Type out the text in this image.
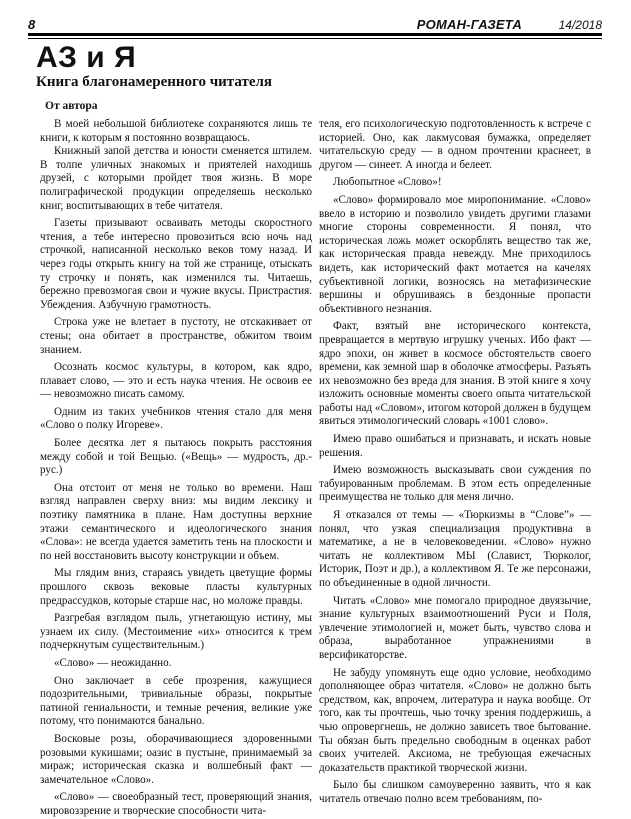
8	РОМАН-ГАЗЕТА	14/2018
АЗ и Я
Книга благонамеренного читателя
От автора

В моей небольшой библиотеке сохраняются лишь те книги, к которым я постоянно возвращаюсь.

Книжный запой детства и юности сменяется штилем. В толпе уличных знакомых и приятелей находишь друзей, с которыми пройдет твоя жизнь. В море полиграфической продукции определяешь несколько книг, воспитывающих в тебе читателя.

Газеты призывают осваивать методы скоростного чтения, а тебе интересно провозиться всю ночь над строчкой, написанной несколько веков тому назад. И через годы открыть книгу на той же странице, отыскать ту строчку и понять, как изменился ты. Читаешь, бережно превозмогая свои и чужие вкусы. Пристрастия. Убеждения. Азбучную грамотность.

Строка уже не влетает в пустоту, не отскакивает от стены; она обитает в пространстве, обжитом твоим знанием.

Осознать космос культуры, в котором, как ядро, плавает слово, — это и есть наука чтения. Не освоив ее — невозможно писать самому.

Одним из таких учебников чтения стало для меня «Слово о полку Игореве».

Более десятка лет я пытаюсь покрыть расстояния между собой и той Вещью. («Вещь» — мудрость, др.-рус.)

Она отстоит от меня не только во времени. Наш взгляд направлен сверху вниз: мы видим лексику и поэтику памятника в плане. Нам доступны верхние этажи семантического и идеологического знания «Слова»: не всегда удается заметить тень на плоскости и по ней восстановить высоту конструкции и объем.

Мы глядим вниз, стараясь увидеть цветущие формы прошлого сквозь вековые пласты культурных предрассудков, которые старше нас, но моложе правды.

Разгребая взглядом пыль, угнетающую истину, мы узнаем их силу. (Местоимение «их» относится к трем подчеркнутым существительным.)

«Слово» — неожиданно.

Оно заключает в себе прозрения, кажущиеся подозрительными, тривиальные образы, покрытые патиной гениальности, и темные речения, великие уже потому, что понимаются банально.

Восковые розы, оборачивающиеся здоровенными розовыми кукишами; оазис в пустыне, принимаемый за мираж; историческая сказка и волшебный факт — замечательное «Слово».

«Слово» — своеобразный тест, проверяющий знания, мировоззрение и творческие способности чита-

теля, его психологическую подготовленность к встрече с историей. Оно, как лакмусовая бумажка, определяет читательскую среду — в одном прочтении краснеет, в другом — синеет. А иногда и белеет.

Любопытное «Слово»!

«Слово» формировало мое миропонимание. «Слово» ввело в историю и позволило увидеть другими глазами многие стороны современности. Я понял, что историческая ложь может оскорблять вещество так же, как историческая правда невежду. Мне приходилось видеть, как исторический факт мотается на качелях субъективной логики, возносясь на метафизические вершины и обрушиваясь в бездонные пропасти объективного незнания.

Факт, взятый вне исторического контекста, превращается в мертвую игрушку ученых. Ибо факт — ядро эпохи, он живет в космосе обстоятельств своего времени, как земной шар в оболочке атмосферы. Разъять их невозможно без вреда для знания. В этой книге я хочу изложить основные моменты своего опыта читательской работы над «Словом», итогом которой должен в будущем явиться этимологический словарь «1001 слово».

Имею право ошибаться и признавать, и искать новые решения.

Имею возможность высказывать свои суждения по табуированным проблемам. В этом есть определенные преимущества не только для меня лично.

Я отказался от темы — «Тюркизмы в “Слове”» — понял, что узкая специализация продуктивна в математике, а не в человековедении. «Слово» нужно читать не коллективом МЫ (Славист, Тюрколог, Историк, Поэт и др.), а коллективом Я. Те же персонажи, по объединенные в одной личности.

Читать «Слово» мне помогало природное двуязычие, знание культурных взаимоотношений Руси и Поля, увлечение этимологией и, может быть, чувство слова и образа, выработанное упражнениями в версификаторстве.

Не забуду упомянуть еще одно условие, необходимо дополняющее образ читателя. «Слово» не должно быть средством, как, впрочем, литература и наука вообще. От того, как ты прочтешь, чью точку зрения поддержишь, а чью опровергнешь, не должно зависеть твое бытование. Ты обязан быть предельно свободным в оценках работ своих учителей. Аксиома, не требующая ежечасных доказательств практикой творческой жизни.

Было бы слишком самоуверенно заявить, что я как читатель отвечаю полно всем требованиям, по-
